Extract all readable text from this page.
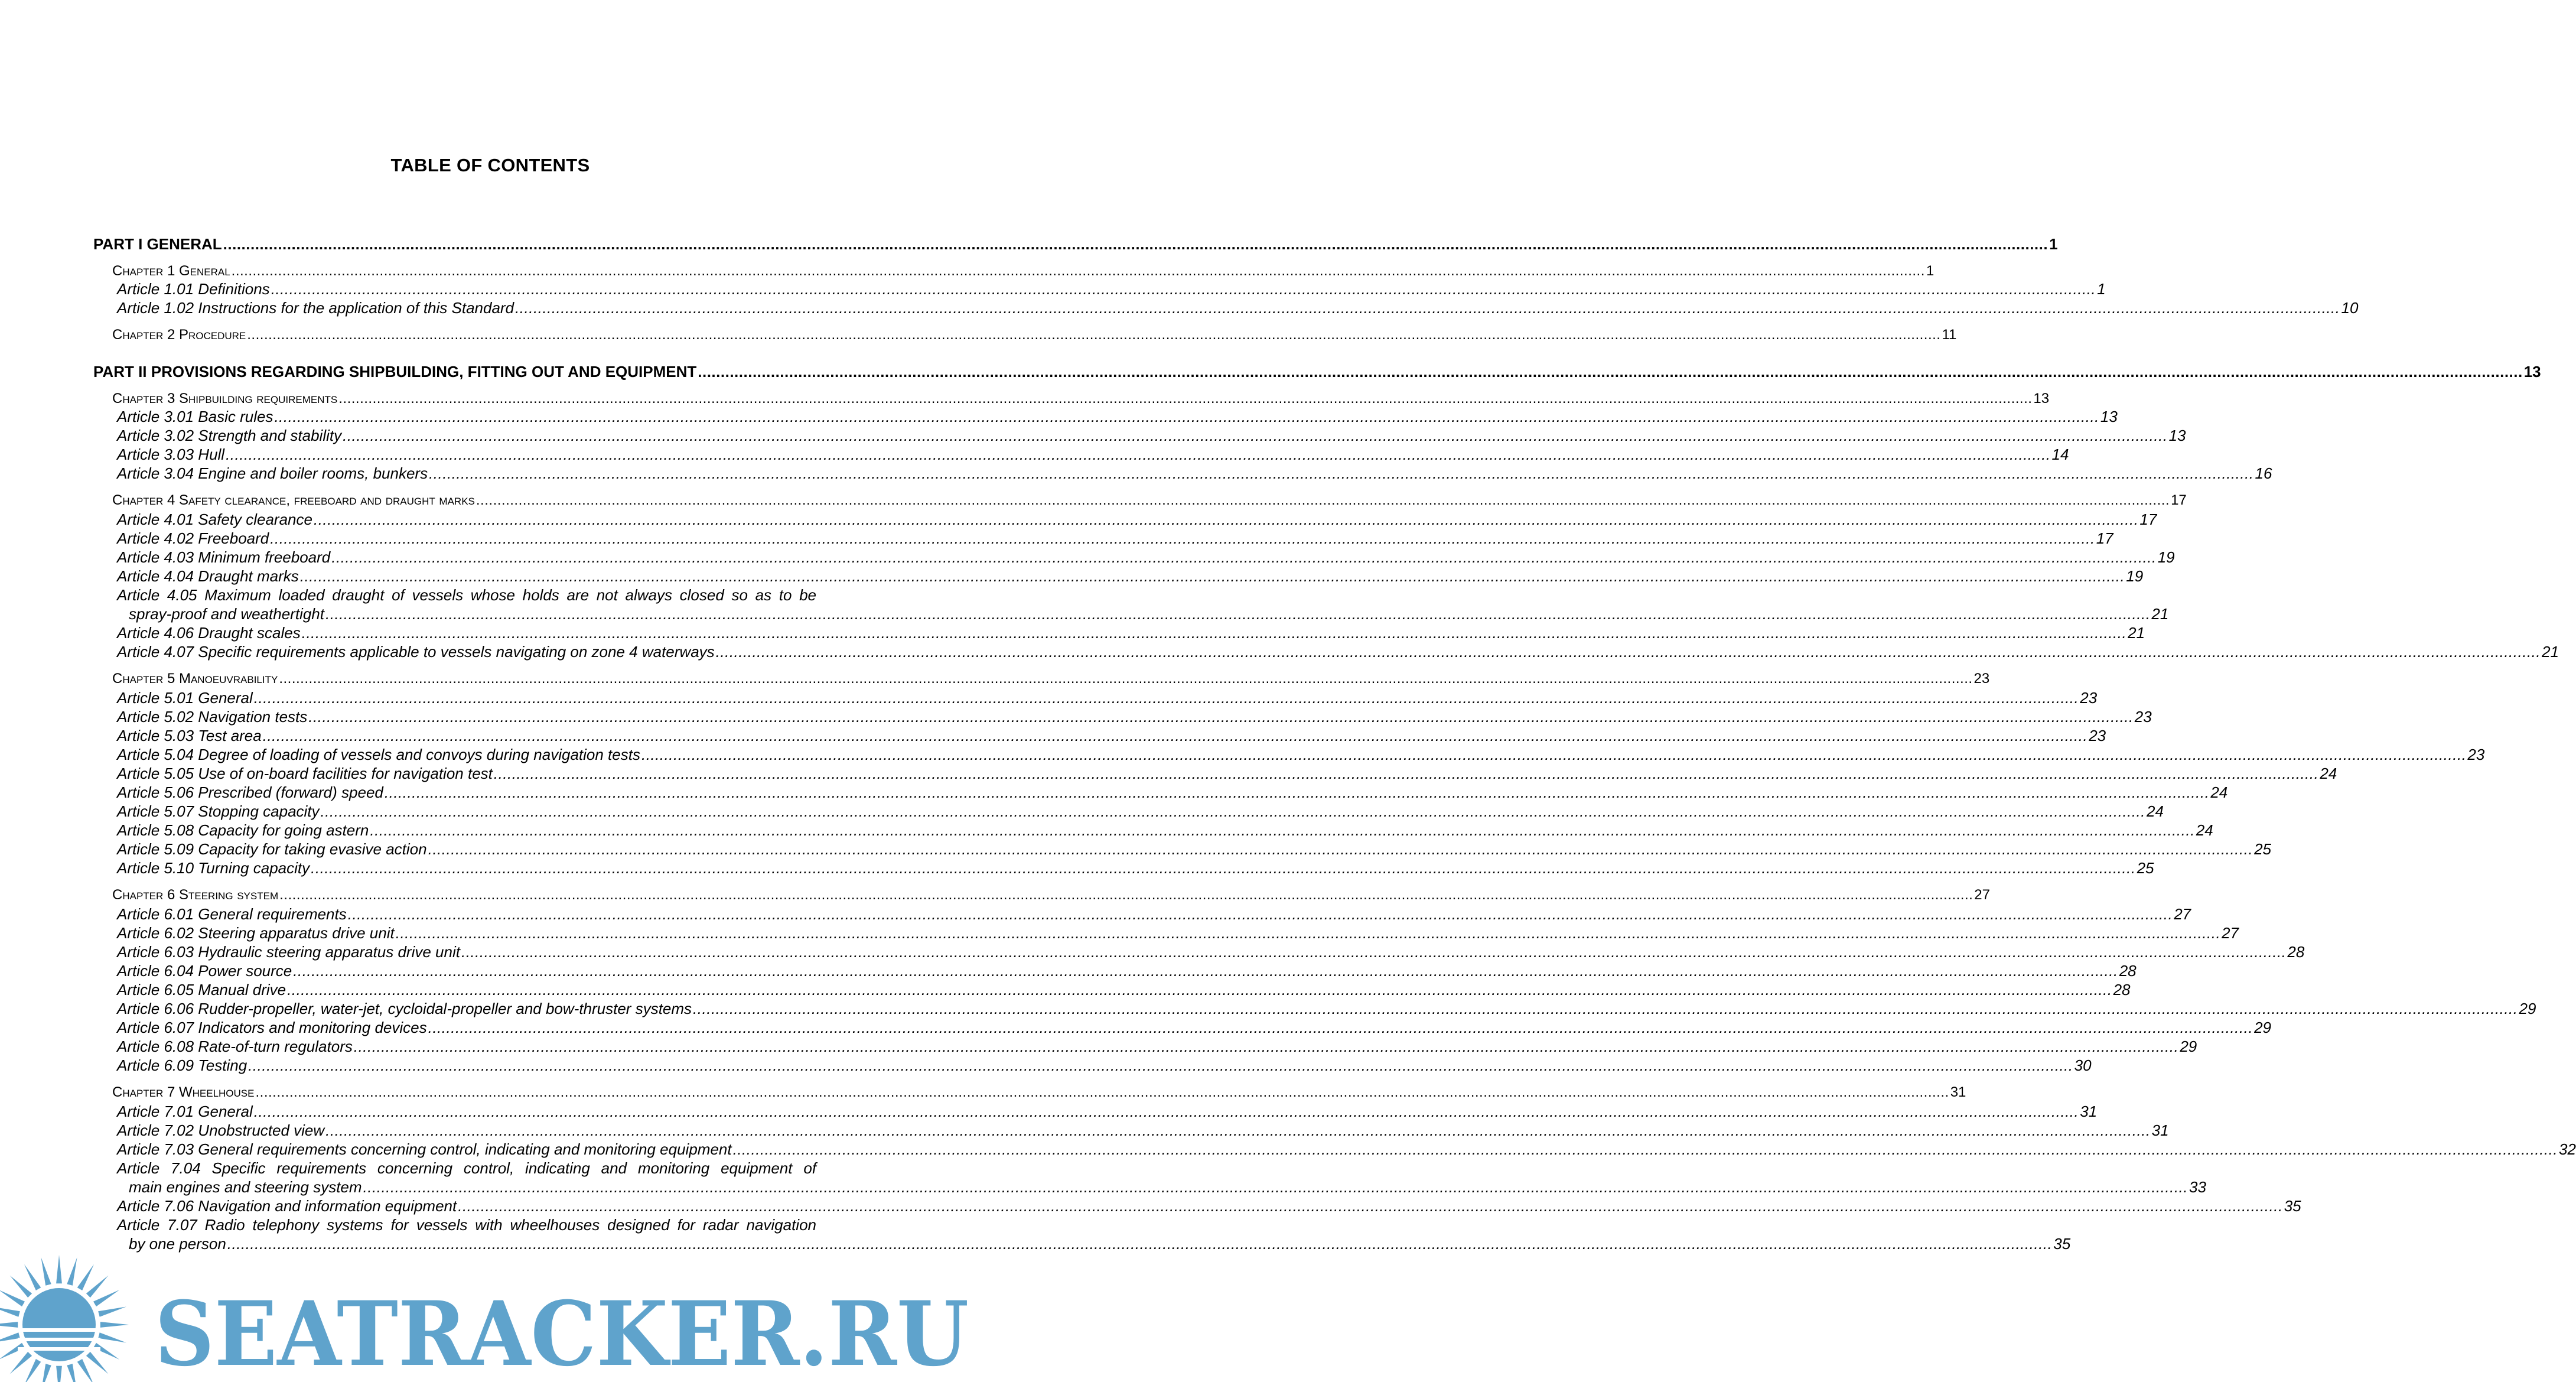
TABLE OF CONTENTS
PART I GENERAL ................................................................................................................................................................................................................................................................................................................................................................................................................ 1
Chapter 1 General ................................................................................................................................................................................................................................................................................................................................................................................................................ 1
Article 1.01 Definitions ................................................................................................................................................................................................................................................................................................................................................................................................................ 1
Article 1.02 Instructions for the application of this Standard ................................................................................................................................................................................................................................................................................................................................................................................................................ 10
Chapter 2 Procedure ................................................................................................................................................................................................................................................................................................................................................................................................................ 11
PART II PROVISIONS REGARDING SHIPBUILDING, FITTING OUT AND EQUIPMENT ................................................................................................................................................................................................................................................................................................................................................................................................................ 13
Chapter 3 Shipbuilding requirements ................................................................................................................................................................................................................................................................................................................................................................................................................ 13
Article 3.01 Basic rules ................................................................................................................................................................................................................................................................................................................................................................................................................ 13
Article 3.02 Strength and stability ................................................................................................................................................................................................................................................................................................................................................................................................................ 13
Article 3.03 Hull ................................................................................................................................................................................................................................................................................................................................................................................................................ 14
Article 3.04 Engine and boiler rooms, bunkers ................................................................................................................................................................................................................................................................................................................................................................................................................ 16
Chapter 4 Safety clearance, freeboard and draught marks ................................................................................................................................................................................................................................................................................................................................................................................................................ 17
Article 4.01 Safety clearance ................................................................................................................................................................................................................................................................................................................................................................................................................ 17
Article 4.02 Freeboard ................................................................................................................................................................................................................................................................................................................................................................................................................ 17
Article 4.03 Minimum freeboard ................................................................................................................................................................................................................................................................................................................................................................................................................ 19
Article 4.04 Draught marks ................................................................................................................................................................................................................................................................................................................................................................................................................ 19
Article 4.05 Maximum loaded draught of vessels whose holds are not always closed so as to be
spray-proof and weathertight ................................................................................................................................................................................................................................................................................................................................................................................................................ 21
Article 4.06 Draught scales ................................................................................................................................................................................................................................................................................................................................................................................................................ 21
Article 4.07 Specific requirements applicable to vessels navigating on zone 4 waterways ................................................................................................................................................................................................................................................................................................................................................................................................................ 21
Chapter 5 Manoeuvrability ................................................................................................................................................................................................................................................................................................................................................................................................................ 23
Article 5.01 General ................................................................................................................................................................................................................................................................................................................................................................................................................ 23
Article 5.02 Navigation tests ................................................................................................................................................................................................................................................................................................................................................................................................................ 23
Article 5.03 Test area ................................................................................................................................................................................................................................................................................................................................................................................................................ 23
Article 5.04 Degree of loading of vessels and convoys during navigation tests ................................................................................................................................................................................................................................................................................................................................................................................................................ 23
Article 5.05 Use of on-board facilities for navigation test ................................................................................................................................................................................................................................................................................................................................................................................................................ 24
Article 5.06 Prescribed (forward) speed ................................................................................................................................................................................................................................................................................................................................................................................................................ 24
Article 5.07 Stopping capacity ................................................................................................................................................................................................................................................................................................................................................................................................................ 24
Article 5.08 Capacity for going astern ................................................................................................................................................................................................................................................................................................................................................................................................................ 24
Article 5.09 Capacity for taking evasive action ................................................................................................................................................................................................................................................................................................................................................................................................................ 25
Article 5.10 Turning capacity ................................................................................................................................................................................................................................................................................................................................................................................................................ 25
Chapter 6 Steering system ................................................................................................................................................................................................................................................................................................................................................................................................................ 27
Article 6.01 General requirements ................................................................................................................................................................................................................................................................................................................................................................................................................ 27
Article 6.02 Steering apparatus drive unit ................................................................................................................................................................................................................................................................................................................................................................................................................ 27
Article 6.03 Hydraulic steering apparatus drive unit ................................................................................................................................................................................................................................................................................................................................................................................................................ 28
Article 6.04 Power source ................................................................................................................................................................................................................................................................................................................................................................................................................ 28
Article 6.05 Manual drive ................................................................................................................................................................................................................................................................................................................................................................................................................ 28
Article 6.06 Rudder-propeller, water-jet, cycloidal-propeller and bow-thruster systems ................................................................................................................................................................................................................................................................................................................................................................................................................ 29
Article 6.07 Indicators and monitoring devices ................................................................................................................................................................................................................................................................................................................................................................................................................ 29
Article 6.08 Rate-of-turn regulators ................................................................................................................................................................................................................................................................................................................................................................................................................ 29
Article 6.09 Testing ................................................................................................................................................................................................................................................................................................................................................................................................................ 30
Chapter 7 Wheelhouse ................................................................................................................................................................................................................................................................................................................................................................................................................ 31
Article 7.01 General ................................................................................................................................................................................................................................................................................................................................................................................................................ 31
Article 7.02 Unobstructed view ................................................................................................................................................................................................................................................................................................................................................................................................................ 31
Article 7.03 General requirements concerning control, indicating and monitoring equipment ................................................................................................................................................................................................................................................................................................................................................................................................................ 32
Article 7.04 Specific requirements concerning control, indicating and monitoring equipment of
main engines and steering system ................................................................................................................................................................................................................................................................................................................................................................................................................ 33
Article 7.06 Navigation and information equipment ................................................................................................................................................................................................................................................................................................................................................................................................................ 35
Article 7.07 Radio telephony systems for vessels with wheelhouses designed for radar navigation
by one person ................................................................................................................................................................................................................................................................................................................................................................................................................ 35
SEATRACKER.RU
